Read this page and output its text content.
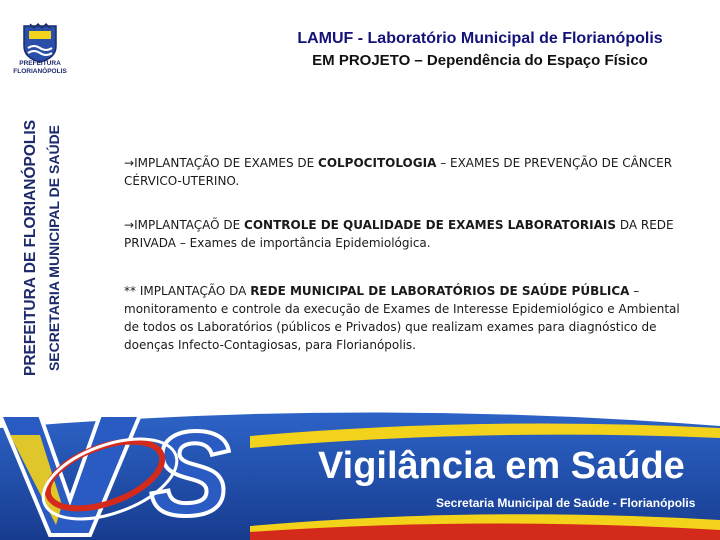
PREFEITURA
FLORIANÓPOLIS
PREFEITURA DE FLORIANÓPOLIS SECRETARIA MUNICIPAL DE SAÚDE

LAMUF - Laboratório Municipal de Florianópolis

EM PROJETO – Dependência do Espaço Físico

→IMPLANTAÇÃO DE EXAMES DE COLPOCITOLOGIA – EXAMES DE PREVENÇÃO DE CÂNCER CÉRVICO-UTERINO.

→IMPLANTAÇAÕ DE CONTROLE DE QUALIDADE DE EXAMES LABORATORIAIS DA REDE PRIVADA – Exames de importância Epidemiológica.

** IMPLANTAÇÃO DA REDE MUNICIPAL DE LABORATÓRIOS DE SAÚDE PÚBLICA – monitoramento e controle da execução de Exames de Interesse Epidemiológico e Ambiental de todos os Laboratórios (públicos e Privados) que realizam exames para diagnóstico de doenças Infecto-Contagiosas, para Florianópolis.

S Vigilância em Saúde
Secretaria Municipal de Saúde - Florianópolis
